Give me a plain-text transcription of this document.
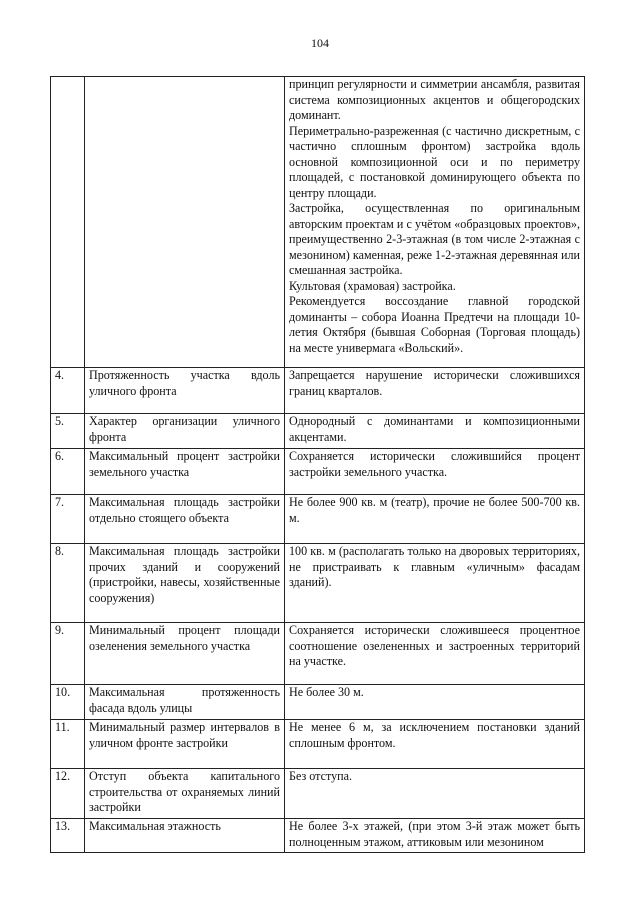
104

		принцип регулярности и симметрии ансамбля, развитая система композиционных акцентов и общегородских доминант.

Периметрально-разреженная (с частично дискретным, с частично сплошным фронтом) застройка вдоль основной композиционной оси и по периметру площадей, с постановкой доминирующего объекта по центру площади.

Застройка, осуществленная по оригинальным авторским проектам и с учётом «образцовых проектов», преимущественно 2-3-этажная (в том числе 2-этажная с мезонином) каменная, реже 1-2-этажная деревянная или смешанная застройка.

Культовая (храмовая) застройка.

Рекомендуется воссоздание главной городской доминанты – собора Иоанна Предтечи на площади 10-летия Октября (бывшая Соборная (Торговая площадь) на месте универмага «Вольский».

4.	Протяженность участка вдоль уличного фронта	Запрещается нарушение исторически сложившихся границ кварталов.
5.	Характер организации уличного фронта	Однородный с доминантами и композиционными акцентами.
6.	Максимальный процент застройки земельного участка	Сохраняется исторически сложившийся процент застройки земельного участка.
7.	Максимальная площадь застройки отдельно стоящего объекта	Не более 900 кв. м (театр), прочие не более 500-700 кв. м.
8.	Максимальная площадь застройки прочих зданий и сооружений (пристройки, навесы, хозяйственные сооружения)	100 кв. м (располагать только на дворовых территориях, не пристраивать к главным «уличным» фасадам зданий).
9.	Минимальный процент площади озеленения земельного участка	Сохраняется исторически сложившееся процентное соотношение озелененных и застроенных территорий на участке.
10.	Максимальная протяженность фасада вдоль улицы	Не более 30 м.
11.	Минимальный размер интервалов в уличном фронте застройки	Не менее 6 м, за исключением постановки зданий сплошным фронтом.
12.	Отступ объекта капитального строительства от охраняемых линий застройки	Без отступа.
13.	Максимальная этажность	Не более 3-х этажей, (при этом 3-й этаж может быть полноценным этажом, аттиковым или мезонином
